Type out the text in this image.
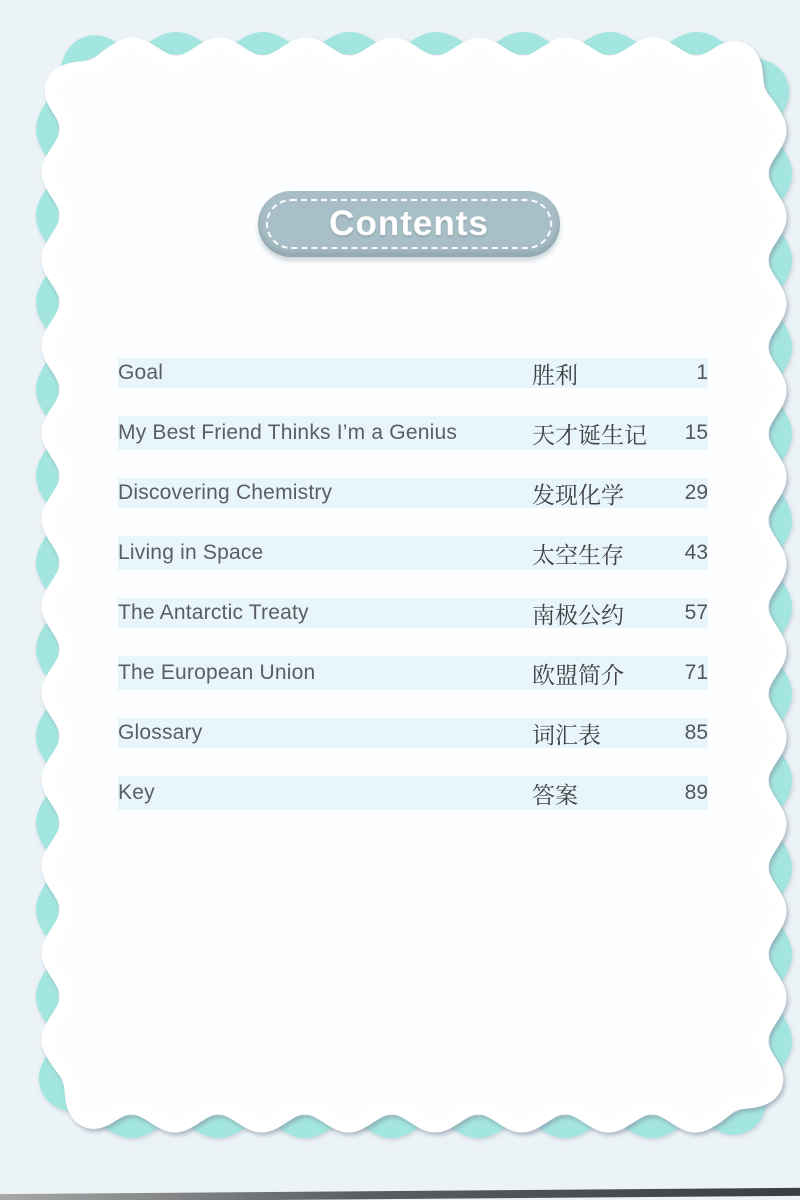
Contents
Goal	胜利	1
My Best Friend Thinks I’m a Genius	天才诞生记	15
Discovering Chemistry	发现化学	29
Living in Space	太空生存	43
The Antarctic Treaty	南极公约	57
The European Union	欧盟简介	71
Glossary	词汇表	85
Key	答案	89
